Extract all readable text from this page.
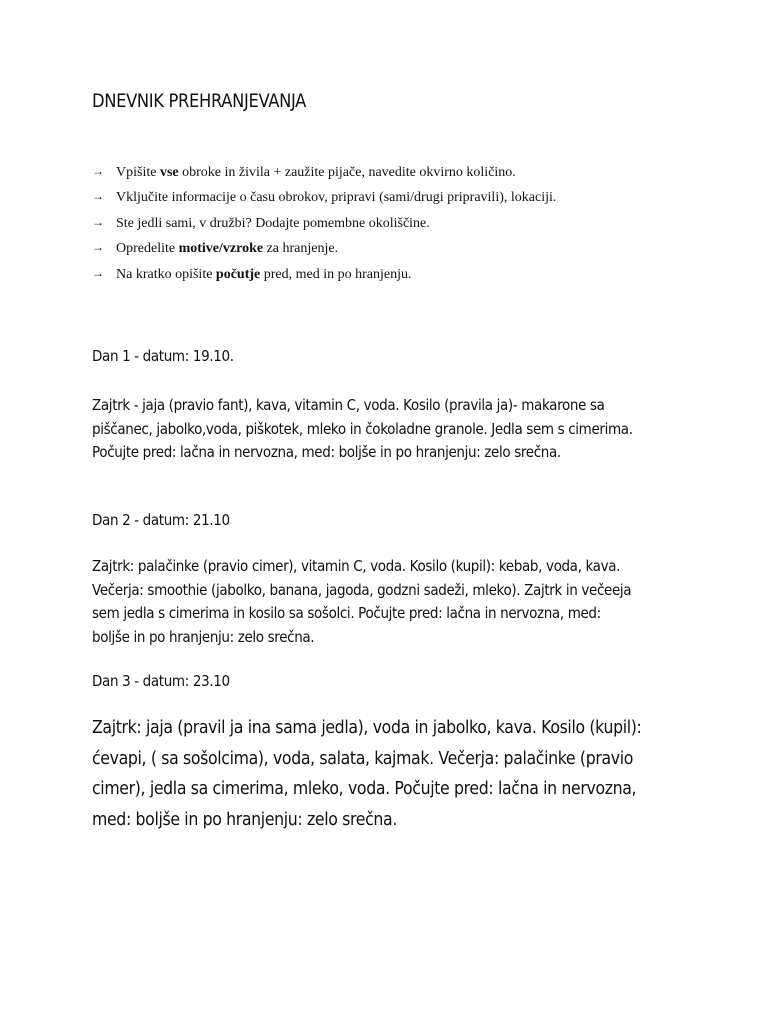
DNEVNIK PREHRANJEVANJA
→ Vpišite vse obroke in živila + zaužite pijače, navedite okvirno količino.
→ Vključite informacije o času obrokov, pripravi (sami/drugi pripravili), lokaciji.
→ Ste jedli sami, v družbi? Dodajte pomembne okoliščine.
→ Opredelite motive/vzroke za hranjenje.
→ Na kratko opišite počutje pred, med in po hranjenju.

Dan 1 - datum: 19.10.

Zajtrk - jaja (pravio fant), kava, vitamin C, voda. Kosilo (pravila ja)- makarone sa piščanec, jabolko,voda, piškotek, mleko in čokoladne granole. Jedla sem s cimerima. Počujte pred: lačna in nervozna, med: boljše in po hranjenju: zelo srečna.

Dan 2 - datum: 21.10

Zajtrk: palačinke (pravio cimer), vitamin C, voda. Kosilo (kupil): kebab, voda, kava. Večerja: smoothie (jabolko, banana, jagoda, godzni sadeži, mleko). Zajtrk in večeeja sem jedla s cimerima in kosilo sa sošolci. Počujte pred: lačna in nervozna, med: boljše in po hranjenju: zelo srečna.

Dan 3 - datum: 23.10

Zajtrk: jaja (pravil ja ina sama jedla), voda in jabolko, kava. Kosilo (kupil): ćevapi, ( sa sošolcima), voda, salata, kajmak. Večerja: palačinke (pravio cimer), jedla sa cimerima, mleko, voda. Počujte pred: lačna in nervozna, med: boljše in po hranjenju: zelo srečna.
